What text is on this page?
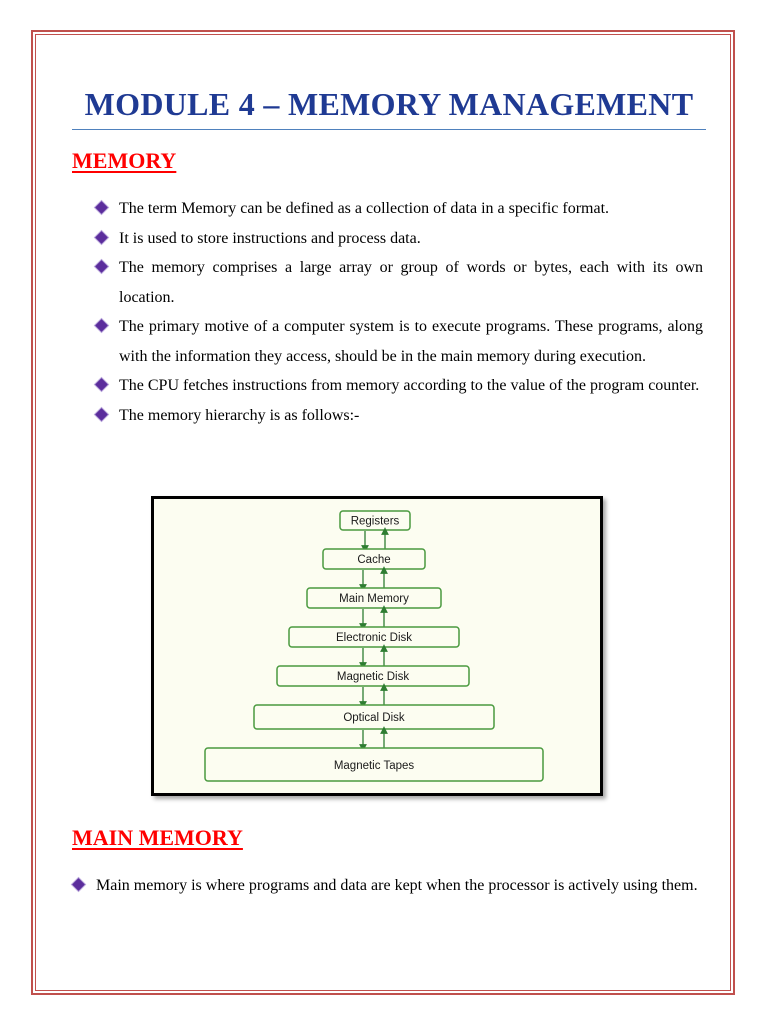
MODULE 4 – MEMORY MANAGEMENT
MEMORY
The term Memory can be defined as a collection of data in a specific format.
It is used to store instructions and process data.
The memory comprises a large array or group of words or bytes, each with its own location.
The primary motive of a computer system is to execute programs. These programs, along with the information they access, should be in the main memory during execution.
The CPU fetches instructions from memory according to the value of the program counter.
The memory hierarchy is as follows:-
Registers
Cache
Main Memory
Electronic Disk
Magnetic Disk
Optical Disk
Magnetic Tapes
MAIN MEMORY
Main memory is where programs and data are kept when the processor is actively using them.
